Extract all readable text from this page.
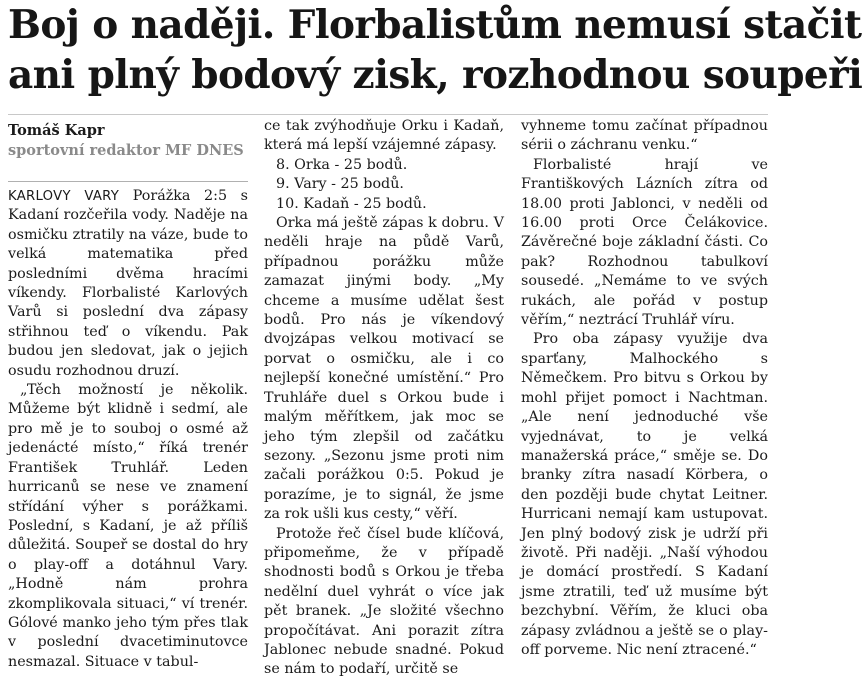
Boj o naději. Florbalistům nemusí stačit
ani plný bodový zisk, rozhodnou soupeři
Tomáš Kapr
sportovní redaktor MF DNES

KARLOVY VARY Porážka 2:5 s Kadaní rozčeřila vody. Naděje na osmičku ztratily na váze, bude to velká matematika před posledními dvěma hracími víkendy. Florbalisté Karlových Varů si poslední dva zápasy střihnou teď o víkendu. Pak budou jen sledovat, jak o jejich osudu rozhodnou druzí.

„Těch možností je několik. Můžeme být klidně i sedmí, ale pro mě je to souboj o osmé až jedenácté místo,“ říká trenér František Truhlář. Leden hurricanů se nese ve znamení střídání výher s porážkami. Poslední, s Kadaní, je až příliš důležitá. Soupeř se dostal do hry o play-off a dotáhnul Vary. „Hodně nám prohra zkomplikovala situaci,“ ví trenér. Gólové manko jeho tým přes tlak v poslední dvacetiminutovce nesmazal. Situace v tabul-

ce tak zvýhodňuje Orku i Kadaň, která má lepší vzájemné zápasy.

8. Orka - 25 bodů.
9. Vary - 25 bodů.
10. Kadaň - 25 bodů.

Orka má ještě zápas k dobru. V neděli hraje na půdě Varů, případnou porážku může zamazat jinými body. „My chceme a musíme udělat šest bodů. Pro nás je víkendový dvojzápas velkou motivací se porvat o osmičku, ale i co nejlepší konečné umístění.“ Pro Truhláře duel s Orkou bude i malým měřítkem, jak moc se jeho tým zlepšil od začátku sezony. „Sezonu jsme proti nim začali porážkou 0:5. Pokud je porazíme, je to signál, že jsme za rok ušli kus cesty,“ věří.

Protože řeč čísel bude klíčová, připomeňme, že v případě shodnosti bodů s Orkou je třeba nedělní duel vyhrát o více jak pět branek. „Je složité všechno propočítávat. Ani porazit zítra Jablonec nebude snadné. Pokud se nám to podaří, určitě se

vyhneme tomu začínat případnou sérii o záchranu venku.“

Florbalisté hrají ve Františkových Lázních zítra od 18.00 proti Jablonci, v neděli od 16.00 proti Orce Čelákovice. Závěrečné boje základní části. Co pak? Rozhodnou tabulkoví sousedé. „Nemáme to ve svých rukách, ale pořád v postup věřím,“ neztrácí Truhlář víru.

Pro oba zápasy využije dva sparťany, Malhockého s Němečkem. Pro bitvu s Orkou by mohl přijet pomoct i Nachtman. „Ale není jednoduché vše vyjednávat, to je velká manažerská práce,“ směje se. Do branky zítra nasadí Körbera, o den později bude chytat Leitner. Hurricani nemají kam ustupovat. Jen plný bodový zisk je udrží při životě. Při naději. „Naší výhodou je domácí prostředí. S Kadaní jsme ztratili, teď už musíme být bezchybní. Věřím, že kluci oba zápasy zvládnou a ještě se o play-off porveme. Nic není ztracené.“
